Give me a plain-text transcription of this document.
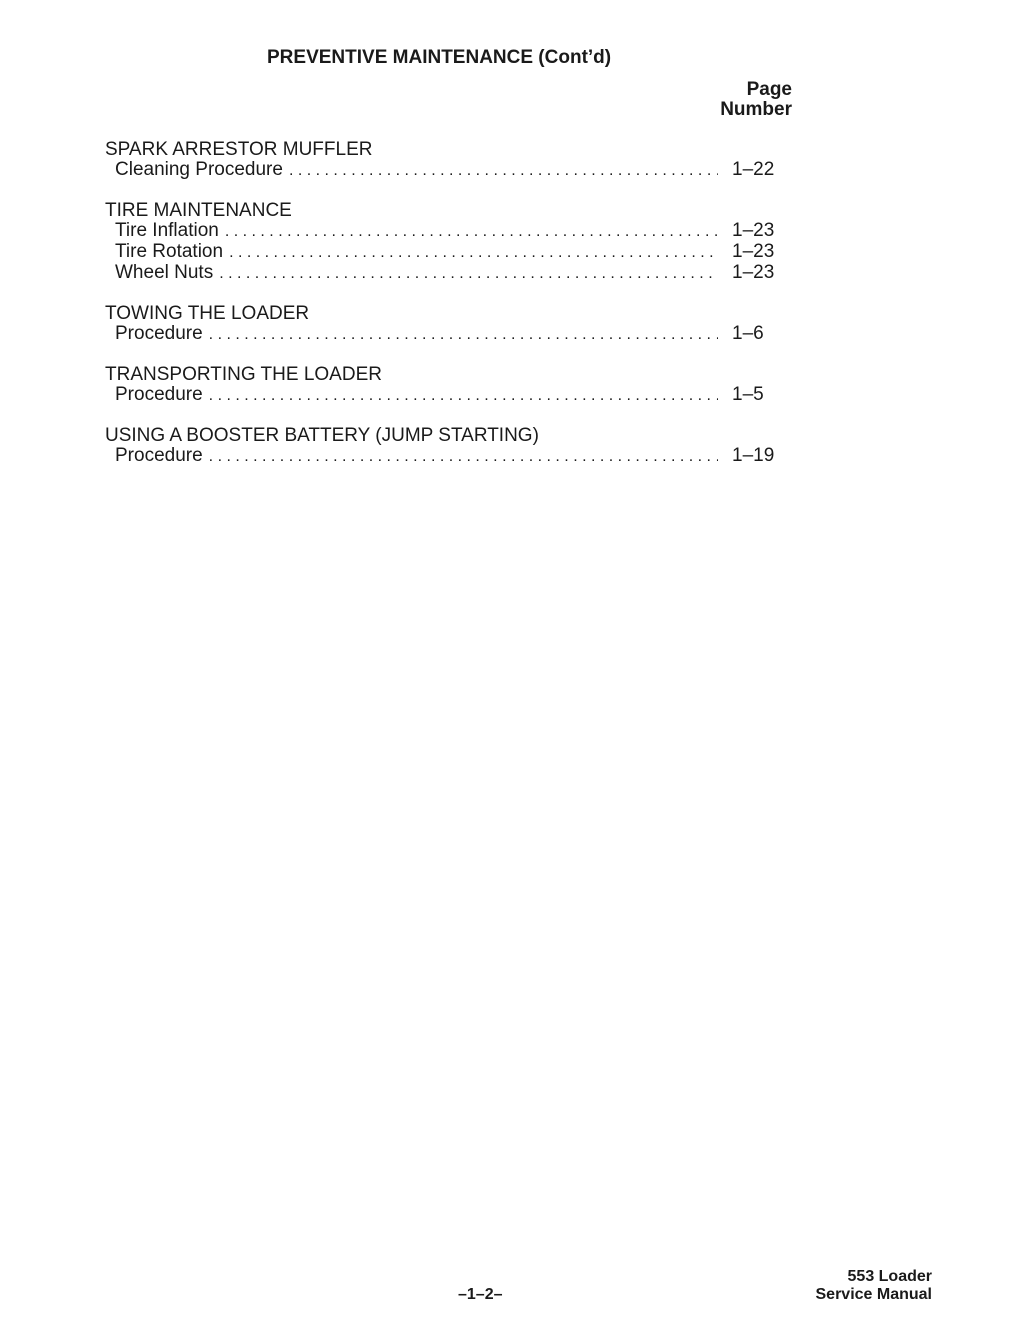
PREVENTIVE MAINTENANCE (Cont’d)
Page
Number
SPARK ARRESTOR MUFFLER
Cleaning Procedure . . .	1–22
TIRE MAINTENANCE
Tire Inflation . . .	1–23
Tire Rotation . . .	1–23
Wheel Nuts . . .	1–23
TOWING THE LOADER
Procedure . . .	1–6
TRANSPORTING THE LOADER
Procedure . . .	1–5
USING A BOOSTER BATTERY (JUMP STARTING)
Procedure . . .	1–19
–1–2–
553 Loader
Service Manual
